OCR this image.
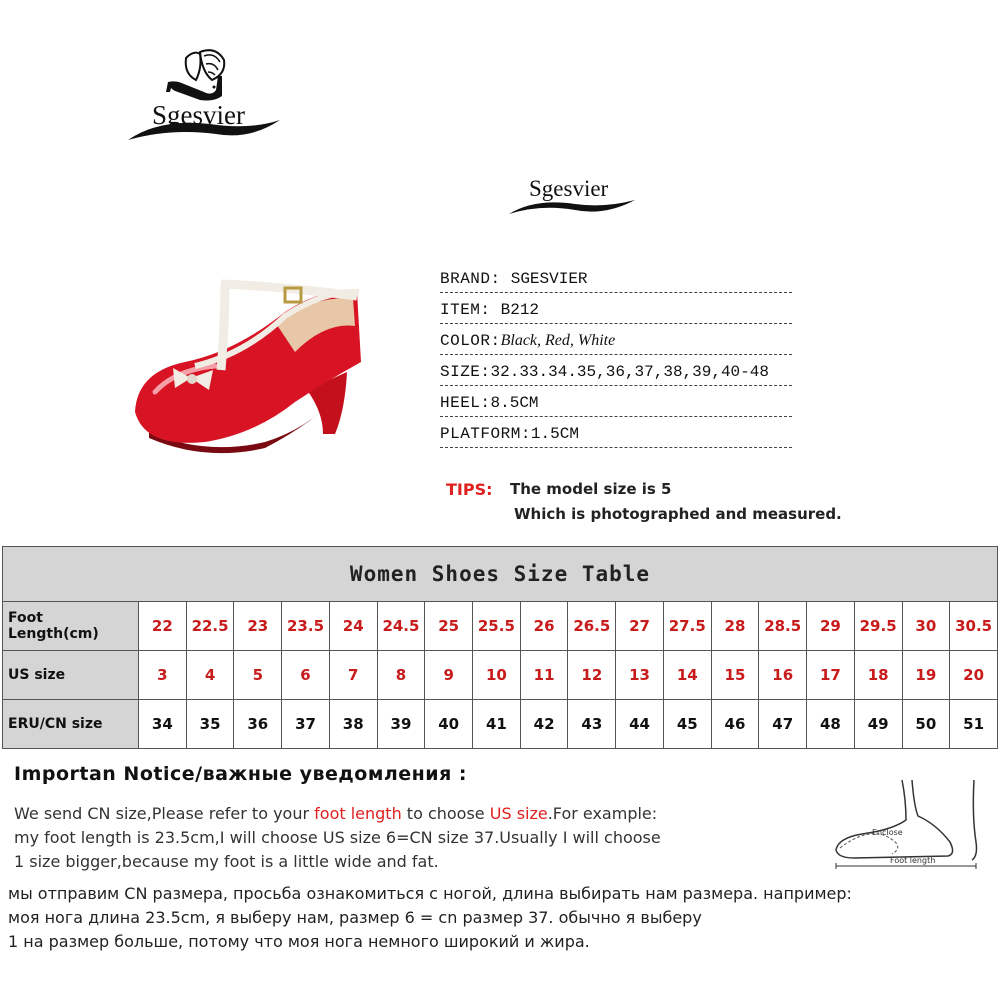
Sgesvier
Sgesvier
BRAND: SGESVIER
ITEM: B212
COLOR:Black, Red, White
SIZE:32.33.34.35,36,37,38,39,40-48
HEEL:8.5CM
PLATFORM:1.5CM
TIPS: The model size is 5
Which is photographed and measured.
Women Shoes Size Table																		
Foot Length(cm)	22	22.5	23	23.5	24	24.5	25	25.5	26	26.5	27	27.5	28	28.5	29	29.5	30	30.5
US size	3	4	5	6	7	8	9	10	11	12	13	14	15	16	17	18	19	20
ERU/CN size	34	35	36	37	38	39	40	41	42	43	44	45	46	47	48	49	50	51
Importan Notice/важные уведомления :
We send CN size,Please refer to your foot length to choose US size.For example:
my foot length is 23.5cm,I will choose US size 6=CN size 37.Usually I will choose
1 size bigger,because my foot is a little wide and fat.
мы отправим CN размера, просьба ознакомиться с ногой, длина выбирать нам размера. например:
моя нога длина 23.5cm, я выберу нам, размер 6 = cn размер 37. обычно я выберу
1 на размер больше, потому что моя нога немного широкий и жира.
Enclose
Foot length
